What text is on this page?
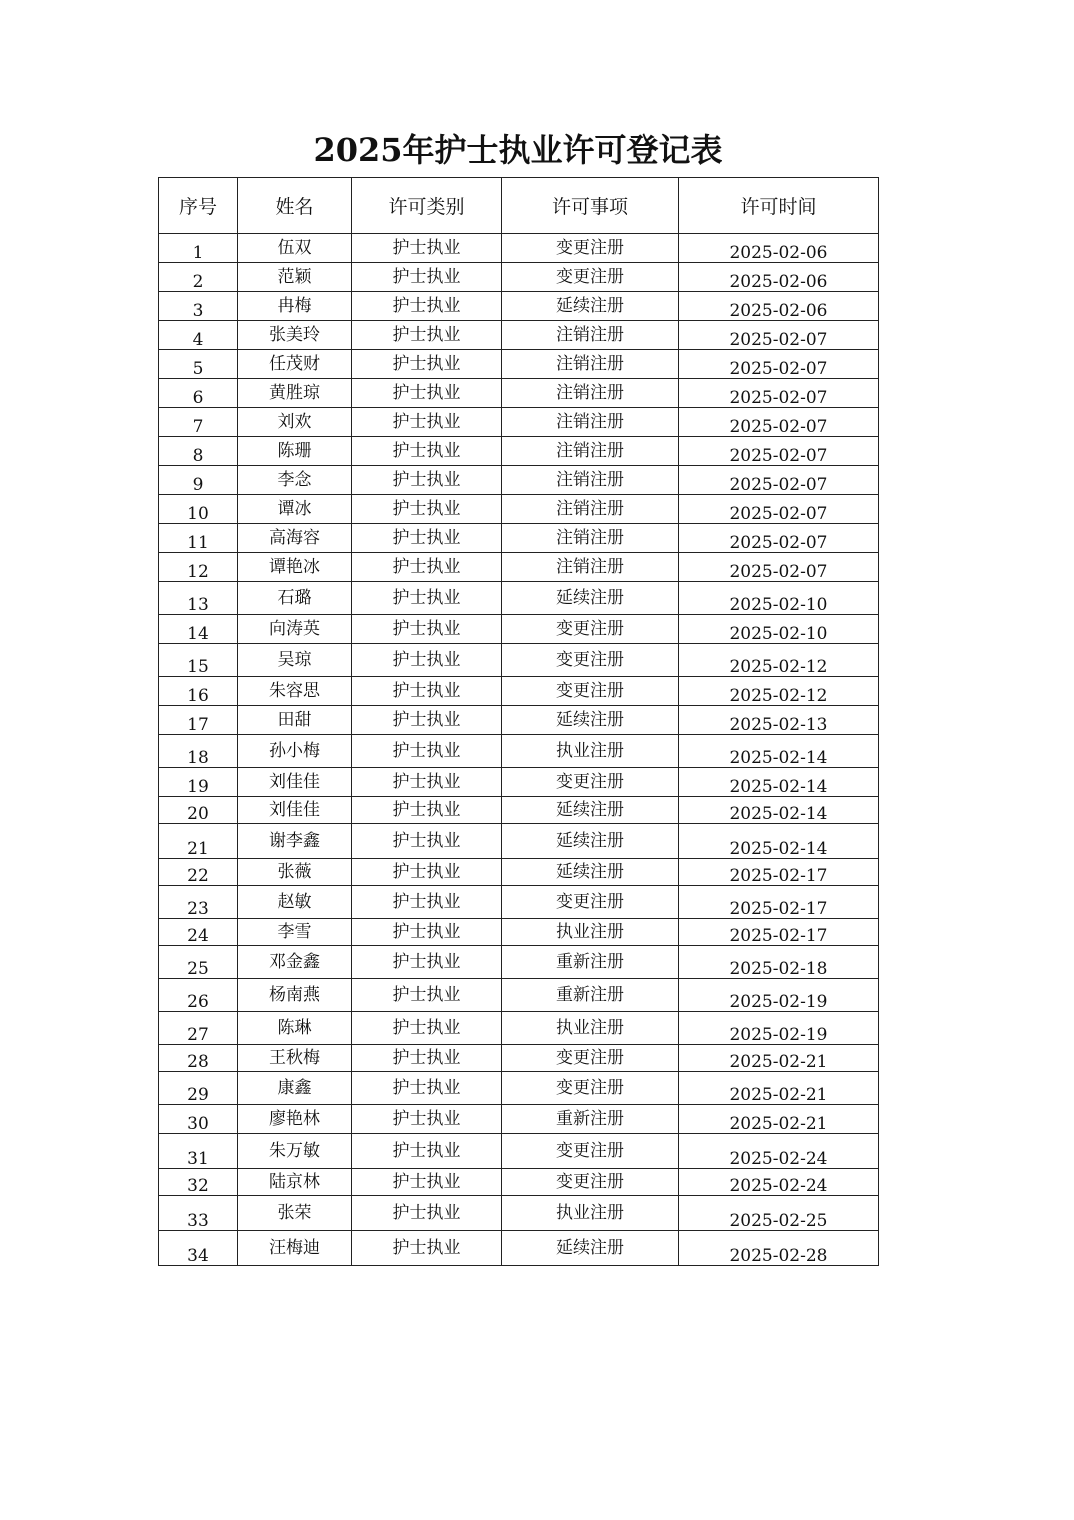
2025年护士执业许可登记表
序号	姓名	许可类别	许可事项	许可时间
1	伍双	护士执业	变更注册	2025-02-06
2	范颖	护士执业	变更注册	2025-02-06
3	冉梅	护士执业	延续注册	2025-02-06
4	张美玲	护士执业	注销注册	2025-02-07
5	任茂财	护士执业	注销注册	2025-02-07
6	黄胜琼	护士执业	注销注册	2025-02-07
7	刘欢	护士执业	注销注册	2025-02-07
8	陈珊	护士执业	注销注册	2025-02-07
9	李念	护士执业	注销注册	2025-02-07
10	谭冰	护士执业	注销注册	2025-02-07
11	高海容	护士执业	注销注册	2025-02-07
12	谭艳冰	护士执业	注销注册	2025-02-07
13	石璐	护士执业	延续注册	2025-02-10
14	向涛英	护士执业	变更注册	2025-02-10
15	吴琼	护士执业	变更注册	2025-02-12
16	朱容思	护士执业	变更注册	2025-02-12
17	田甜	护士执业	延续注册	2025-02-13
18	孙小梅	护士执业	执业注册	2025-02-14
19	刘佳佳	护士执业	变更注册	2025-02-14
20	刘佳佳	护士执业	延续注册	2025-02-14
21	谢李鑫	护士执业	延续注册	2025-02-14
22	张薇	护士执业	延续注册	2025-02-17
23	赵敏	护士执业	变更注册	2025-02-17
24	李雪	护士执业	执业注册	2025-02-17
25	邓金鑫	护士执业	重新注册	2025-02-18
26	杨南燕	护士执业	重新注册	2025-02-19
27	陈琳	护士执业	执业注册	2025-02-19
28	王秋梅	护士执业	变更注册	2025-02-21
29	康鑫	护士执业	变更注册	2025-02-21
30	廖艳林	护士执业	重新注册	2025-02-21
31	朱万敏	护士执业	变更注册	2025-02-24
32	陆京林	护士执业	变更注册	2025-02-24
33	张荣	护士执业	执业注册	2025-02-25
34	汪梅迪	护士执业	延续注册	2025-02-28
